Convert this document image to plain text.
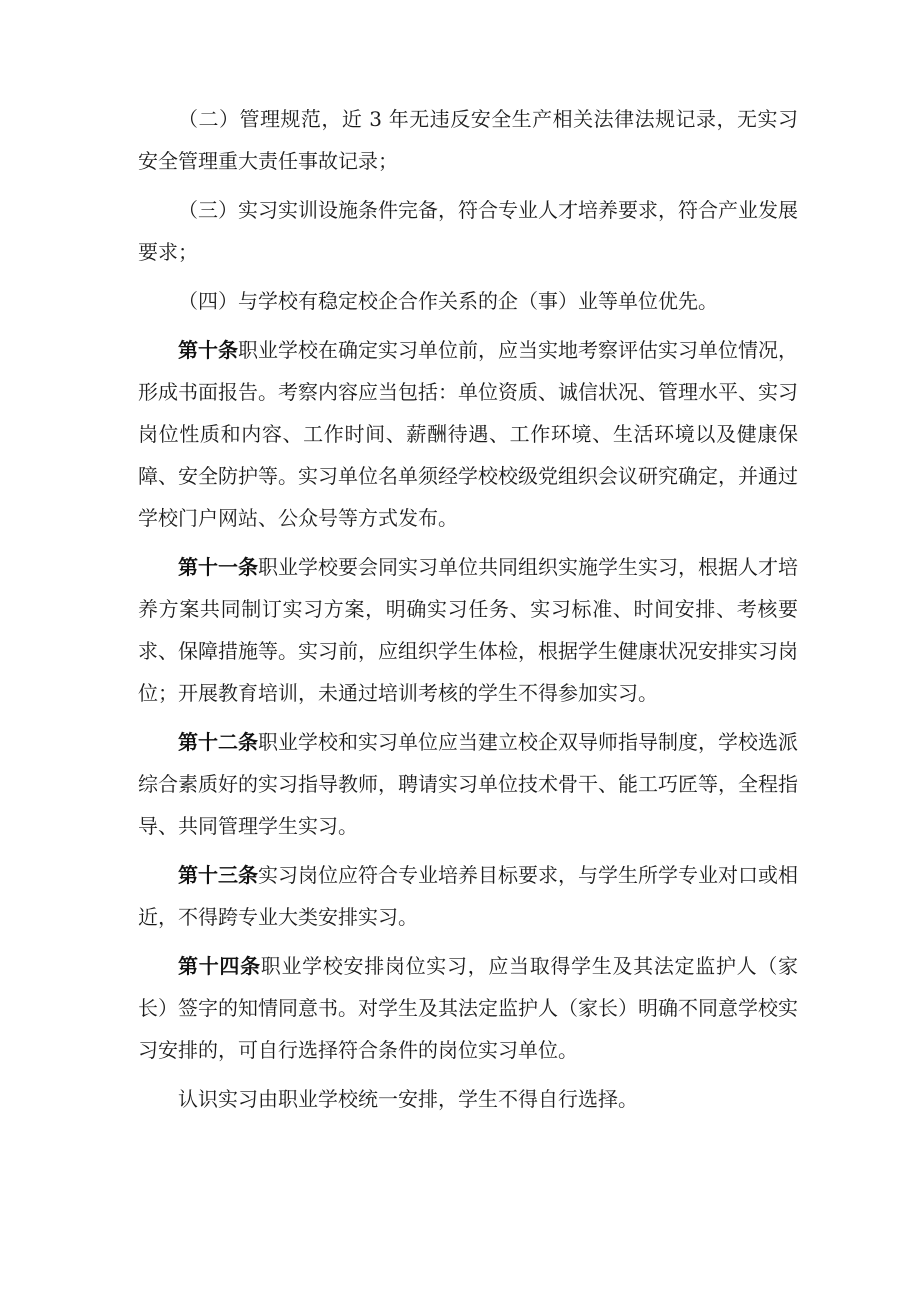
（二）管理规范，近 3 年无违反安全生产相关法律法规记录，无实习安全管理重大责任事故记录；

（三）实习实训设施条件完备，符合专业人才培养要求，符合产业发展要求；

（四）与学校有稳定校企合作关系的企（事）业等单位优先。

第十条职业学校在确定实习单位前，应当实地考察评估实习单位情况，形成书面报告。考察内容应当包括：单位资质、诚信状况、管理水平、实习岗位性质和内容、工作时间、薪酬待遇、工作环境、生活环境以及健康保障、安全防护等。实习单位名单须经学校校级党组织会议研究确定，并通过学校门户网站、公众号等方式发布。

第十一条职业学校要会同实习单位共同组织实施学生实习，根据人才培养方案共同制订实习方案，明确实习任务、实习标准、时间安排、考核要求、保障措施等。实习前，应组织学生体检，根据学生健康状况安排实习岗位；开展教育培训，未通过培训考核的学生不得参加实习。

第十二条职业学校和实习单位应当建立校企双导师指导制度，学校选派综合素质好的实习指导教师，聘请实习单位技术骨干、能工巧匠等，全程指导、共同管理学生实习。

第十三条实习岗位应符合专业培养目标要求，与学生所学专业对口或相近，不得跨专业大类安排实习。

第十四条职业学校安排岗位实习，应当取得学生及其法定监护人（家长）签字的知情同意书。对学生及其法定监护人（家长）明确不同意学校实习安排的，可自行选择符合条件的岗位实习单位。

认识实习由职业学校统一安排，学生不得自行选择。
